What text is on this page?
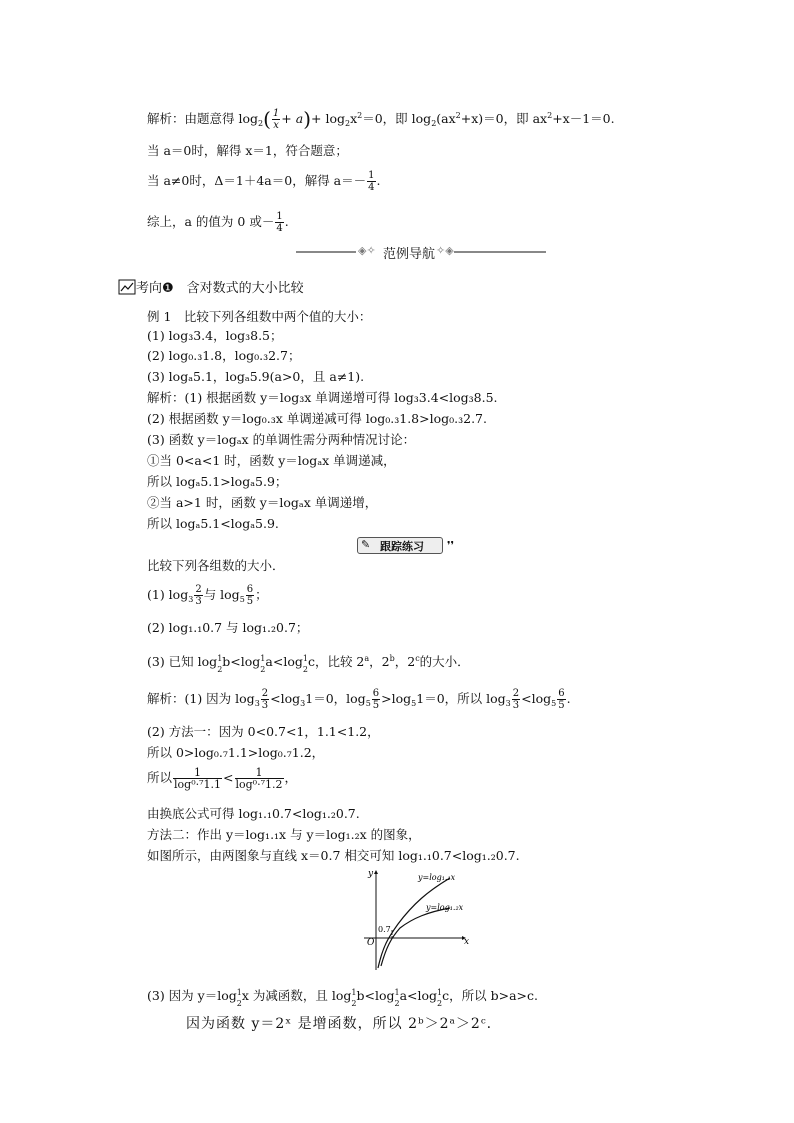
解析：由题意得 $\log_2( \frac{1}{x} + a)+ \log_2x^2=0$，即 $\log_2(ax^2+x)=0$，即 $ax^2+x-1=0$.
当 a＝0时，解得 x＝1，符合题意；
当 a≠0时，Δ＝1＋4a＝0，解得 $a=- \frac{1}{4}$ .
综上，a 的值为 0 或－ $\frac{1}{4}$ .
◈✧ 范例导航 ✧◈
考向❶　含对数式的大小比较
例 1　比较下列各组数中两个值的大小：
(1) log₃3.4，log₃8.5；
(2) log₀.₃1.8，log₀.₃2.7；
(3) logₐ5.1，logₐ5.9(a>0，且 a≠1).
解析：(1) 根据函数 y＝log₃x 单调递增可得 log₃3.4<log₃8.5.
(2) 根据函数 y＝log₀.₃x 单调递减可得 log₀.₃1.8>log₀.₃2.7.
(3) 函数 y＝logₐx 的单调性需分两种情况讨论：
①当 0<a<1 时，函数 y＝logₐx 单调递减，
所以 logₐ5.1>logₐ5.9；
②当 a>1 时，函数 y＝logₐx 单调递增，
所以 logₐ5.1<logₐ5.9.
✎ 跟踪练习 ❜❜
比较下列各组数的大小．
(1) $\log_3 \frac{2}{3}$ 与 $\log_5 \frac{6}{5}$ ；
(2) log₁.₁0.7 与 log₁.₂0.7；
(3) 已知 $\log^1$
2
$b<\log^1$
2
$a<\log^1$
2
c，比较 2$^a$，2$^b$，2$^c$的大小．
解析：(1) 因为 $\log_3 \frac{2}{3} <\log_31=0$，$\log_5 \frac{6}{5} >\log_51=0$，所以 $\log_3 \frac{2}{3} <\log_5 \frac{6}{5}$ .
(2) 方法一：因为 0<0.7<1，1.1<1.2，
所以 0>log₀.₇1.1>log₀.₇1.2，
所以 $\frac{1}{\text{log⁰·⁷1.1}} < \frac{1}{\text{log⁰·⁷1.2}}$ ，
由换底公式可得 log₁.₁0.7<log₁.₂0.7.
方法二：作出 y＝log₁.₁x 与 y＝log₁.₂x 的图象，
如图所示，由两图象与直线 x＝0.7 相交可知 log₁.₁0.7<log₁.₂0.7.
y
x
O
0.7
y=log₁.₁x
y=log₁.₂x
(3) 因为 $y=\log^1$
2
x 为减函数，且 $\log^1$
2
$b<\log^1$
2
$a<\log^1$
2
c，所以 b>a>c.
因为函数 y＝2ˣ 是增函数，所以 2ᵇ＞2ᵃ＞2ᶜ.
